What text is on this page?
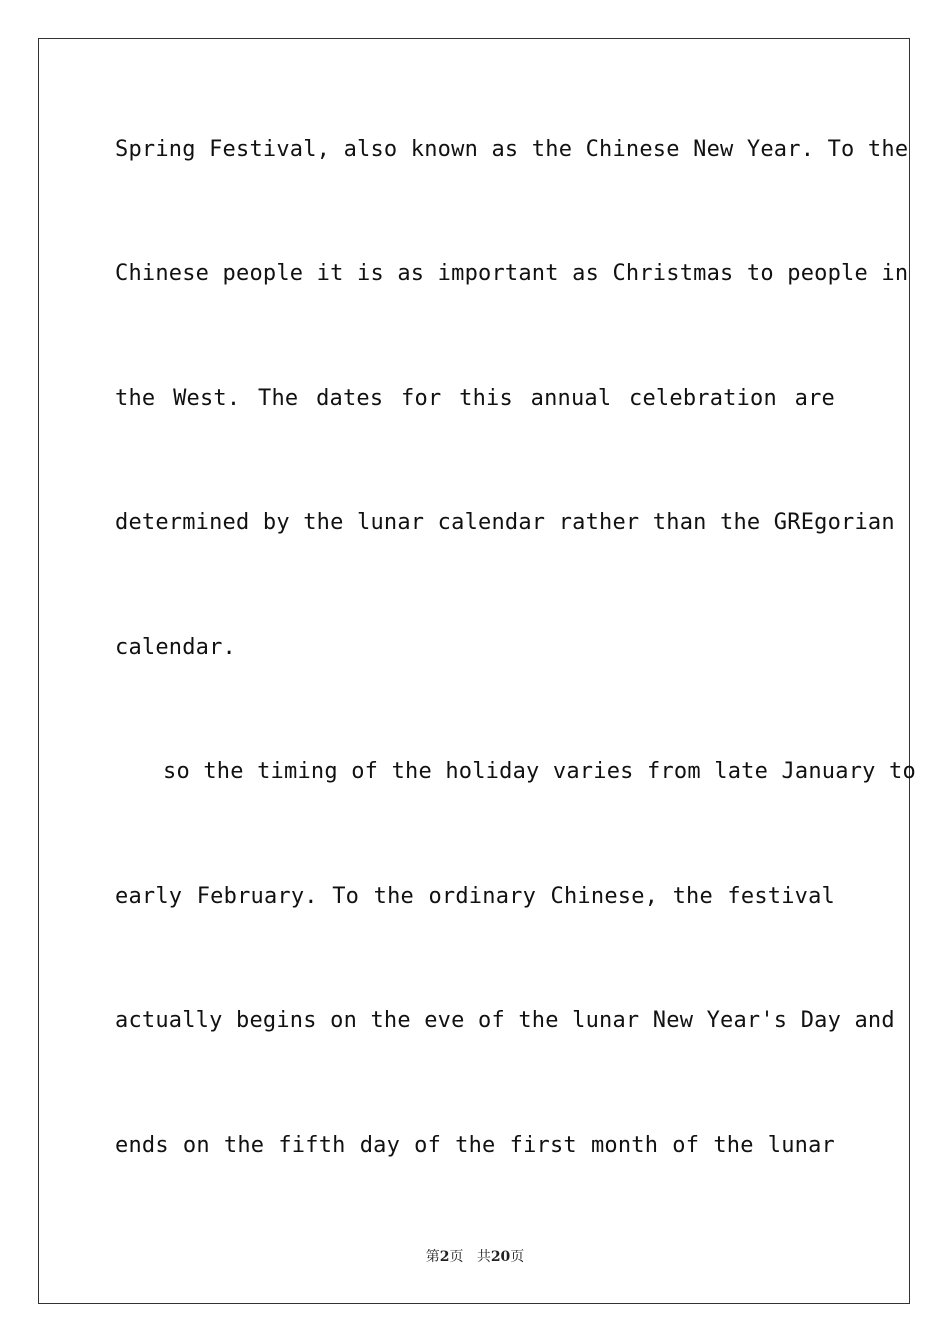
Spring Festival, also known as the Chinese New Year. To the
Chinese people it is as important as Christmas to people in
the West. The dates for this annual celebration are
determined by the lunar calendar rather than the GREgorian
calendar.
so the timing of the holiday varies from late January to
early February. To the ordinary Chinese, the festival
actually begins on the eve of the lunar New Year's Day and
ends on the fifth day of the first month of the lunar
第2页 共20页
